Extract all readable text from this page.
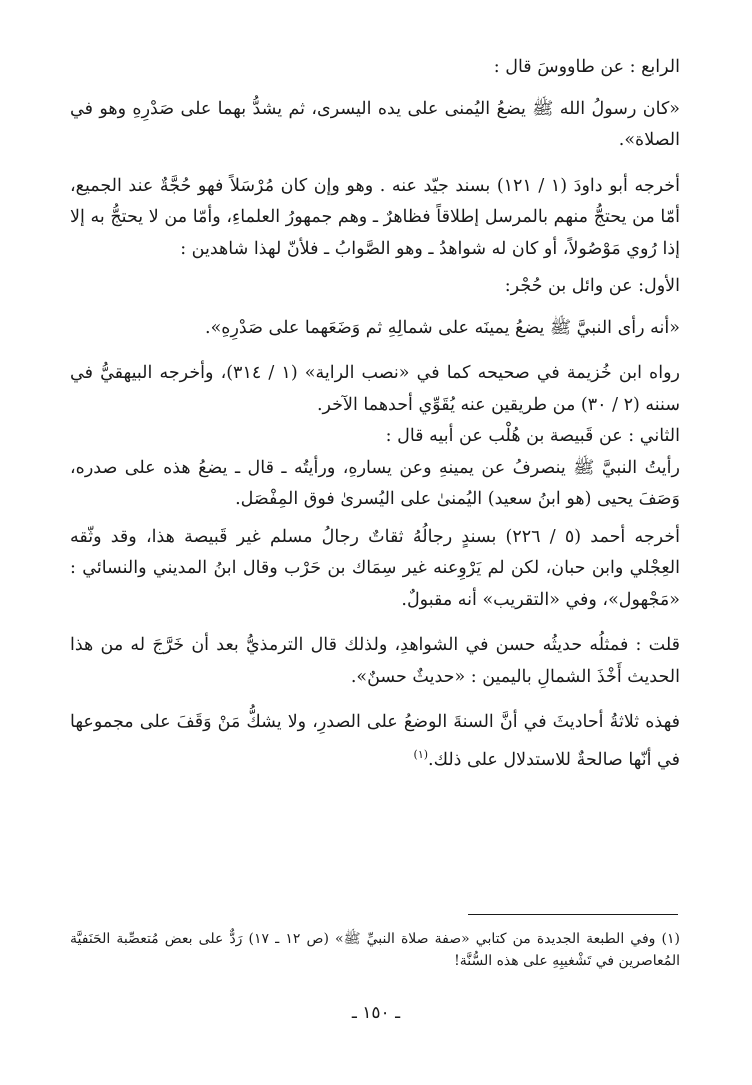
الرابع : عن طاووسَ قال :

«كان رسولُ الله ﷺ يضعُ اليُمنى على يده اليسرى، ثم يشدُّ بهما على صَدْرِهِ وهو في الصلاة».

أخرجه أبو داودَ (١ / ١٢١) بسند جيّد عنه . وهو وإن كان مُرْسَلاً فهو حُجَّةٌ عند الجميع، أمّا من يحتجُّ منهم بالمرسل إطلاقاً فظاهرٌ ـ وهم جمهورُ العلماءِ، وأمّا من لا يحتجُّ به إلا إذا رُوي مَوْصُولاً، أو كان له شواهدُ ـ وهو الصَّوابُ ـ فلأنّ لهذا شاهدين :

الأول: عن وائل بن حُجْر:

«أنه رأى النبيَّ ﷺ يضعُ يمينَه على شمالِهِ ثم وَضَعَهما على صَدْرِهِ».

رواه ابن خُزيمة في صحيحه كما في «نصب الراية» (١ / ٣١٤)، وأخرجه البيهقيُّ في سننه (٢ / ٣٠) من طريقين عنه يُقَوِّي أحدهما الآخر.

الثاني : عن قَبيصة بن هُلْب عن أبيه قال :

رأيتُ النبيَّ ﷺ ينصرفُ عن يمينهِ وعن يسارهِ، ورأيتُه ـ قال ـ يضعُ هذه على صدره، وَصَفَ يحيى (هو ابنُ سعيد) اليُمنىٰ على اليُسرىٰ فوق المِفْصَل.

أخرجه أحمد (٥ / ٢٢٦) بسندٍ رجالُهُ ثقاتٌ رجالُ مسلم غير قَبيصة هذا، وقد وثّقه العِجْلي وابن حبان، لكن لم يَرْوِعنه غير سِمَاك بن حَرْب وقال ابنُ المديني والنسائي : «مَجْهول»، وفي «التقريب» أنه مقبولٌ.

قلت : فمثلُه حديثُه حسن في الشواهدِ، ولذلك قال الترمذيُّ بعد أن خَرَّجَ له من هذا الحديث أَخْذَ الشمالِ باليمين : «حديثٌ حسنٌ».

فهذه ثلاثةُ أحاديثَ في أنَّ السنةَ الوضعُ على الصدرِ، ولا يشكُّ مَنْ وَقَفَ على مجموعها في أنّها صالحةٌ للاستدلال على ذلك.$^{(١)}$

(١) وفي الطبعة الجديدة من كتابي «صفة صلاة النبيِّ ﷺ» (ص ١٢ ـ ١٧) رَدٌّ على بعض مُتعصِّبة الحَنَفيَّة المُعاصرين في تَشْغيبِهِ على هذه السُّنَّة!
ـ ١٥٠ ـ
